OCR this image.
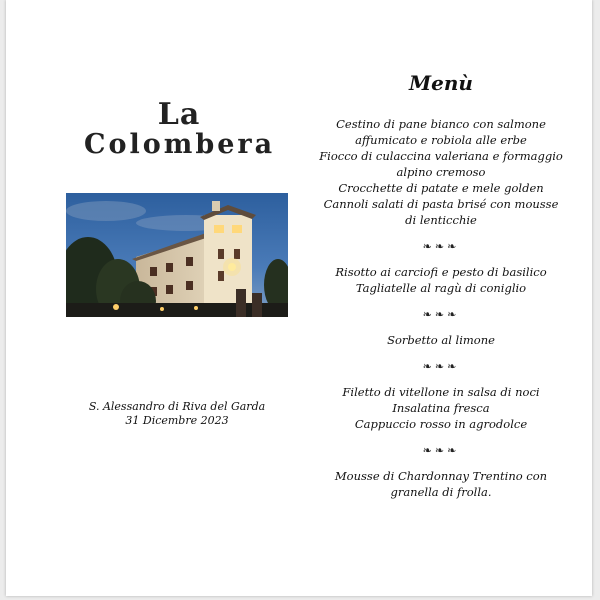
La
Colombera
S. Alessandro di Riva del Garda
31 Dicembre 2023
Menù
Cestino di pane bianco con salmone
affumicato e robiola alle erbe
Fiocco di culaccina valeriana e formaggio
alpino cremoso
Crocchette di patate e mele golden
Cannoli salati di pasta brisé con mousse
di lenticchie
❧❧❧
Risotto ai carciofi e pesto di basilico
Tagliatelle al ragù di coniglio
❧❧❧
Sorbetto al limone
❧❧❧
Filetto di vitellone in salsa di noci
Insalatina fresca
Cappuccio rosso in agrodolce
❧❧❧
Mousse di Chardonnay Trentino con
granella di frolla.
